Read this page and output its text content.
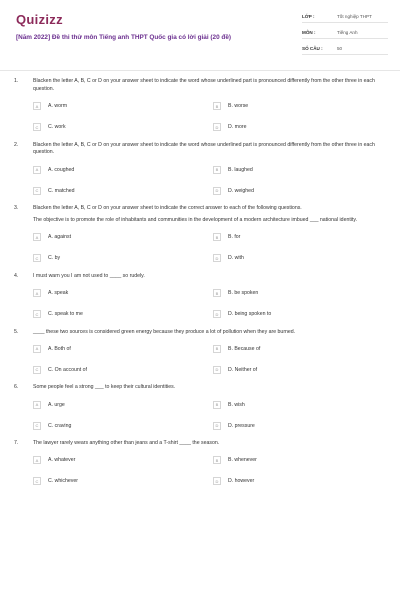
Quizizz
[Năm 2022] Đề thi thử môn Tiếng anh THPT Quốc gia có lời giải (20 đề)
LỚP :	Tốt nghiệp THPT
MÔN :	Tiếng Anh
SỐ CÂU :	50
1.	Blacken the letter A, B, C or D on your answer sheet to indicate the word whose underlined part is pronounced differently from the other three in each question.
A	A. worm	B	B. worse
C	C. work	D	D. more
2.	Blacken the letter A, B, C or D on your answer sheet to indicate the word whose underlined part is pronounced differently from the other three in each question.
A	A. coughed	B	B. laughed
C	C. matched	D	D. weighed
3.	Blacken the letter A, B, C or D on your answer sheet to indicate the correct answer to each of the following questions.
The objective is to promote the role of inhabitants and communities in the development of a modern architecture imbued ___ national identity.
A	A. against	B	B. for
C	C. by	D	D. with
4.	I must warn you I am not used to ____ so rudely.
A	A. speak	B	B. be spoken
C	C. speak to me	D	D. being spoken to
5.	____ these two sources is considered green energy because they produce a lot of pollution when they are burned.
A	A. Both of	B	B. Because of
C	C. On account of	D	D. Neither of
6.	Some people feel a strong ___ to keep their cultural identities.
A	A. urge	B	B. wish
C	C. craving	D	D. pressure
7.	The lawyer rarely wears anything other than jeans and a T-shirt ____ the season.
A	A. whatever	B	B. whenever
C	C. whichever	D	D. however
